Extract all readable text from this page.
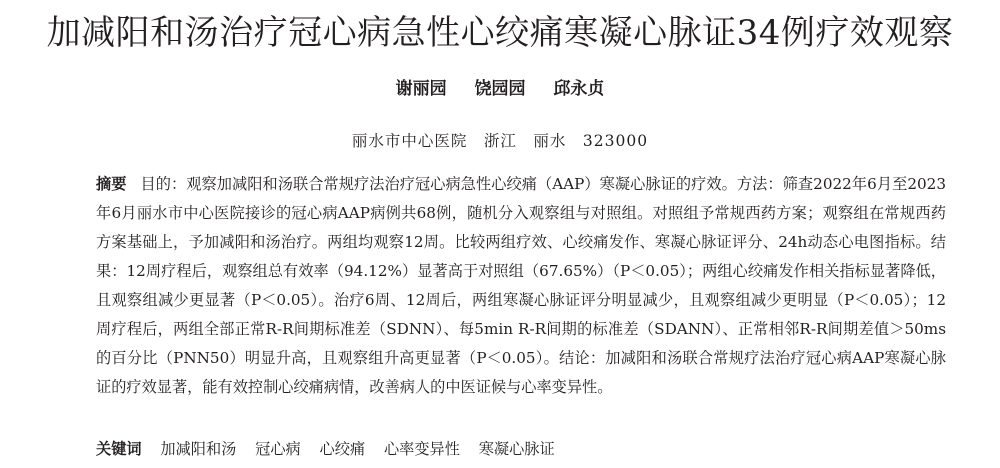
加减阳和汤治疗冠心病急性心绞痛寒凝心脉证34例疗效观察
谢丽园 饶园园 邱永贞
丽水市中心医院　浙江　丽水　323000
摘要 目的：观察加减阳和汤联合常规疗法治疗冠心病急性心绞痛（AAP）寒凝心脉证的疗效。方法：筛查2022年6月至2023年6月丽水市中心医院接诊的冠心病AAP病例共68例，随机分入观察组与对照组。对照组予常规西药方案；观察组在常规西药方案基础上，予加减阳和汤治疗。两组均观察12周。比较两组疗效、心绞痛发作、寒凝心脉证评分、24h动态心电图指标。结果：12周疗程后，观察组总有效率（94.12%）显著高于对照组（67.65%）（P＜0.05）；两组心绞痛发作相关指标显著降低，且观察组减少更显著（P＜0.05）。治疗6周、12周后，两组寒凝心脉证评分明显减少，且观察组减少更明显（P＜0.05）；12周疗程后，两组全部正常R-R间期标准差（SDNN）、每5min R-R间期的标准差（SDANN）、正常相邻R-R间期差值＞50ms的百分比（PNN50）明显升高，且观察组升高更显著（P＜0.05）。结论：加减阳和汤联合常规疗法治疗冠心病AAP寒凝心脉证的疗效显著，能有效控制心绞痛病情，改善病人的中医证候与心率变异性。
关键词 加减阳和汤 冠心病 心绞痛 心率变异性 寒凝心脉证
